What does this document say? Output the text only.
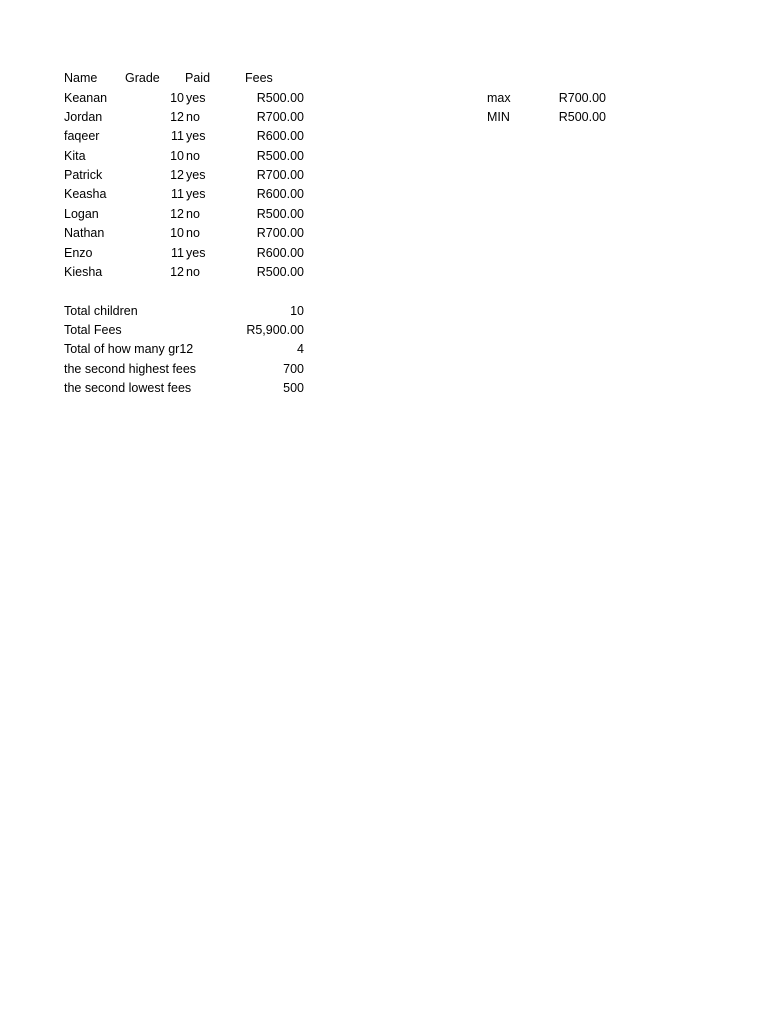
Name Grade Paid	Fees
Keanan	10 yes	R500.00
Jordan	12 no	R700.00
faqeer	11 yes	R600.00
Kita	10 no	R500.00
Patrick	12 yes	R700.00
Keasha	11 yes	R600.00
Logan	12 no	R500.00
Nathan	10 no	R700.00
Enzo	11 yes	R600.00
Kiesha	12 no	R500.00
Total children	10
Total Fees	R5,900.00
Total of how many gr12	4
the second highest fees	700
the second lowest fees	500
max	R700.00
MIN	R500.00
